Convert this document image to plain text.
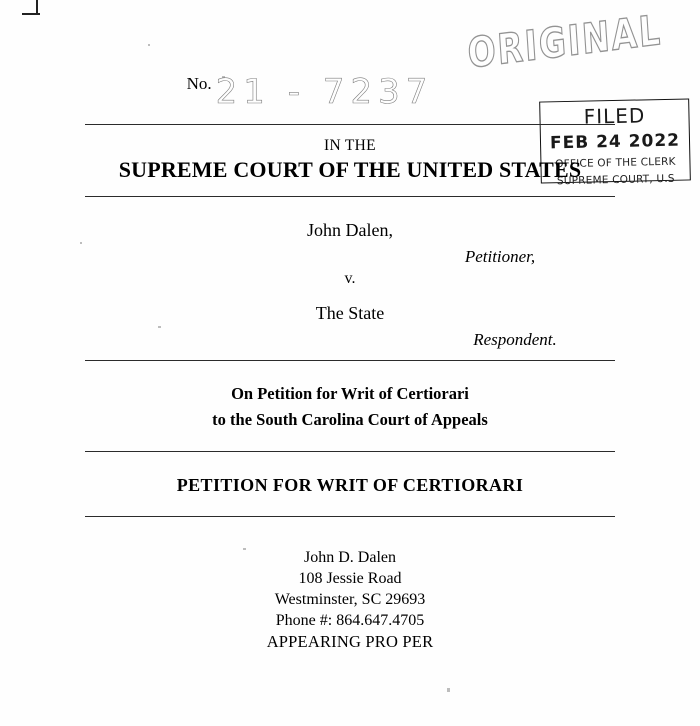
ORIGINAL
No. 21 - 7237
FILED
FEB 24 2022
OFFICE OF THE CLERK
SUPREME COURT, U.S
IN THE
SUPREME COURT OF THE UNITED STATES
John Dalen,
Petitioner,
v.
The State
Respondent.
On Petition for Writ of Certiorari
to the South Carolina Court of Appeals
PETITION FOR WRIT OF CERTIORARI
John D. Dalen
108 Jessie Road
Westminster, SC 29693
Phone #: 864.647.4705
APPEARING PRO PER
